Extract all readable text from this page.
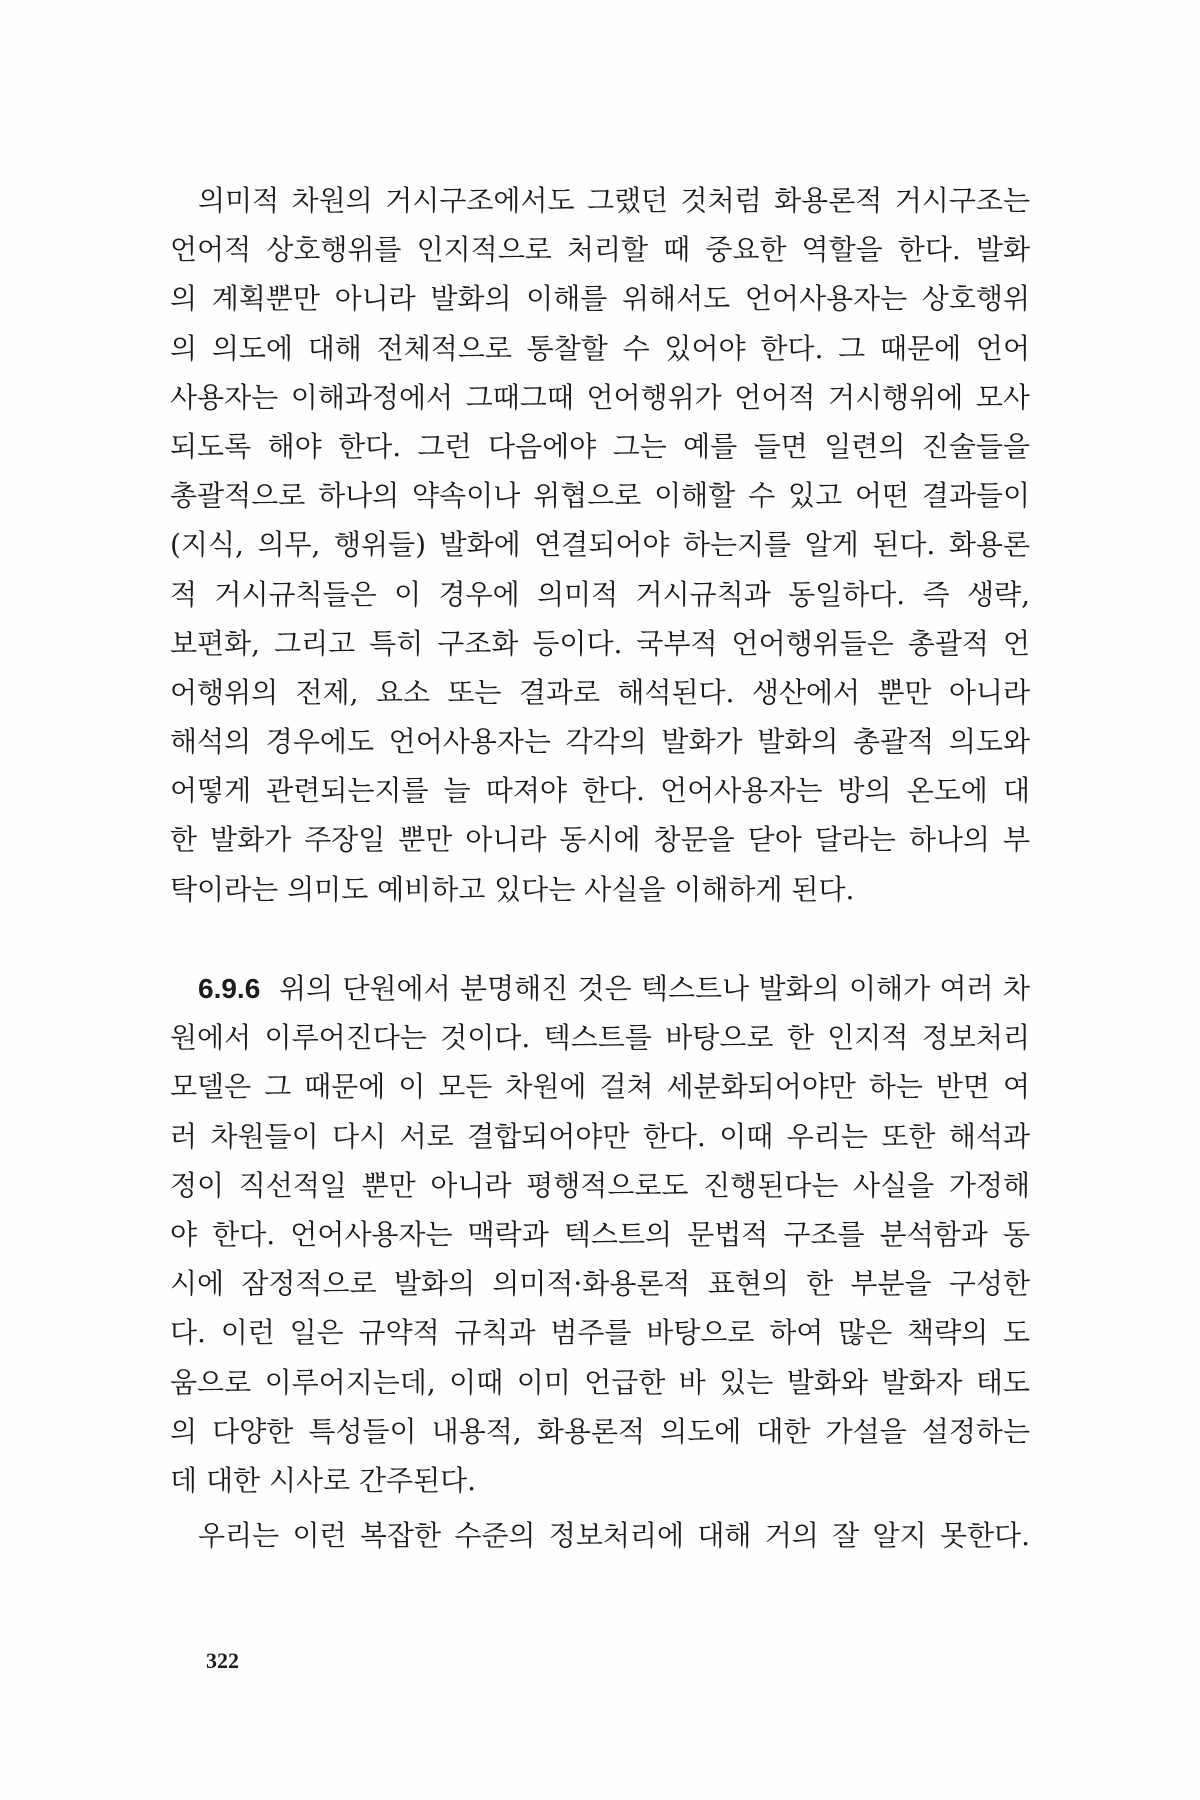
의미적 차원의 거시구조에서도 그랬던 것처럼 화용론적 거시구조는
언어적 상호행위를 인지적으로 처리할 때 중요한 역할을 한다. 발화
의 계획뿐만 아니라 발화의 이해를 위해서도 언어사용자는 상호행위
의 의도에 대해 전체적으로 통찰할 수 있어야 한다. 그 때문에 언어
사용자는 이해과정에서 그때그때 언어행위가 언어적 거시행위에 모사
되도록 해야 한다. 그런 다음에야 그는 예를 들면 일련의 진술들을
총괄적으로 하나의 약속이나 위협으로 이해할 수 있고 어떤 결과들이
(지식, 의무, 행위들) 발화에 연결되어야 하는지를 알게 된다. 화용론
적 거시규칙들은 이 경우에 의미적 거시규칙과 동일하다. 즉 생략,
보편화, 그리고 특히 구조화 등이다. 국부적 언어행위들은 총괄적 언
어행위의 전제, 요소 또는 결과로 해석된다. 생산에서 뿐만 아니라
해석의 경우에도 언어사용자는 각각의 발화가 발화의 총괄적 의도와
어떻게 관련되는지를 늘 따져야 한다. 언어사용자는 방의 온도에 대
한 발화가 주장일 뿐만 아니라 동시에 창문을 닫아 달라는 하나의 부
탁이라는 의미도 예비하고 있다는 사실을 이해하게 된다.
6.9.6 위의 단원에서 분명해진 것은 텍스트나 발화의 이해가 여러 차
원에서 이루어진다는 것이다. 텍스트를 바탕으로 한 인지적 정보처리
모델은 그 때문에 이 모든 차원에 걸쳐 세분화되어야만 하는 반면 여
러 차원들이 다시 서로 결합되어야만 한다. 이때 우리는 또한 해석과
정이 직선적일 뿐만 아니라 평행적으로도 진행된다는 사실을 가정해
야 한다. 언어사용자는 맥락과 텍스트의 문법적 구조를 분석함과 동
시에 잠정적으로 발화의 의미적·화용론적 표현의 한 부분을 구성한
다. 이런 일은 규약적 규칙과 범주를 바탕으로 하여 많은 책략의 도
움으로 이루어지는데, 이때 이미 언급한 바 있는 발화와 발화자 태도
의 다양한 특성들이 내용적, 화용론적 의도에 대한 가설을 설정하는
데 대한 시사로 간주된다.
우리는 이런 복잡한 수준의 정보처리에 대해 거의 잘 알지 못한다.
322
